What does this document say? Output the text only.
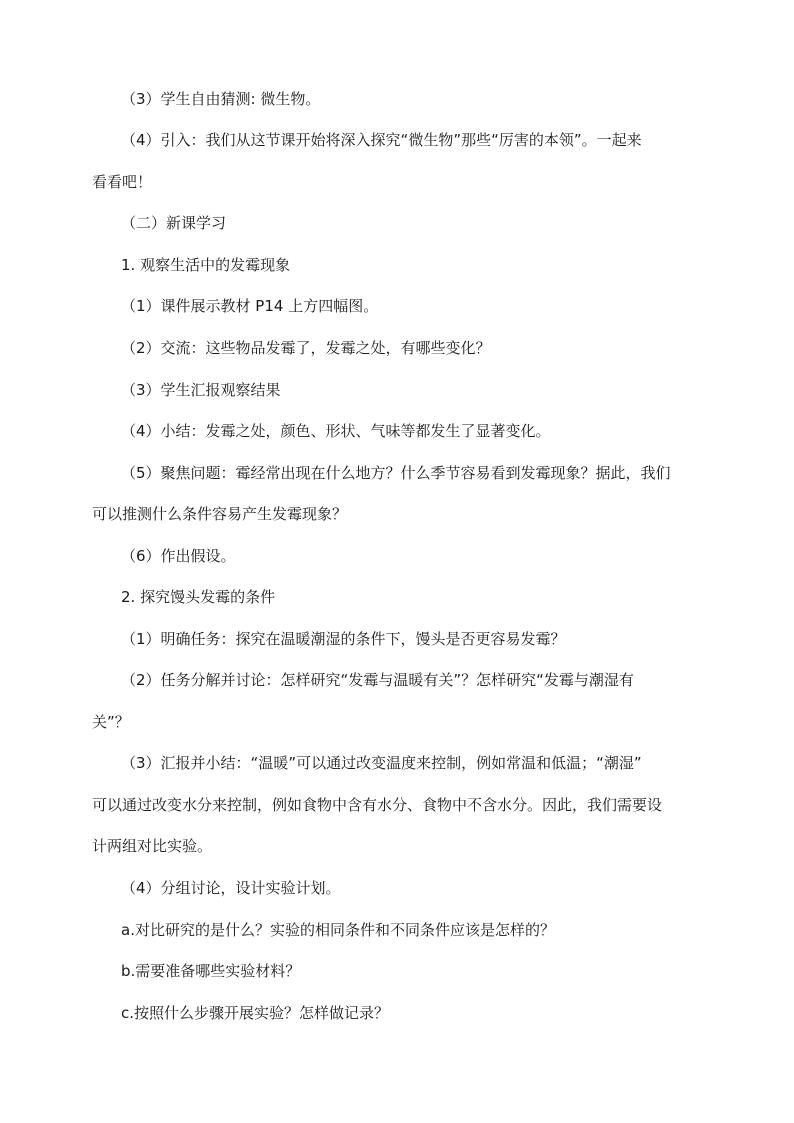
（3）学生自由猜测: 微生物。
（4）引入：我们从这节课开始将深入探究“微生物”那些“厉害的本领”。一起来
看看吧！
（二）新课学习
1. 观察生活中的发霉现象
（1）课件展示教材 P14 上方四幅图。
（2）交流：这些物品发霉了，发霉之处，有哪些变化？
（3）学生汇报观察结果
（4）小结：发霉之处，颜色、形状、气味等都发生了显著变化。
（5）聚焦问题：霉经常出现在什么地方？什么季节容易看到发霉现象？据此，我们
可以推测什么条件容易产生发霉现象？
（6）作出假设。
2. 探究馒头发霉的条件
（1）明确任务：探究在温暖潮湿的条件下，馒头是否更容易发霉？
（2）任务分解并讨论：怎样研究“发霉与温暖有关”？怎样研究“发霉与潮湿有
关”？
（3）汇报并小结：“温暖”可以通过改变温度来控制，例如常温和低温；“潮湿”
可以通过改变水分来控制，例如食物中含有水分、食物中不含水分。因此，我们需要设
计两组对比实验。
（4）分组讨论，设计实验计划。
a.对比研究的是什么？实验的相同条件和不同条件应该是怎样的？
b.需要准备哪些实验材料？
c.按照什么步骤开展实验？怎样做记录？
